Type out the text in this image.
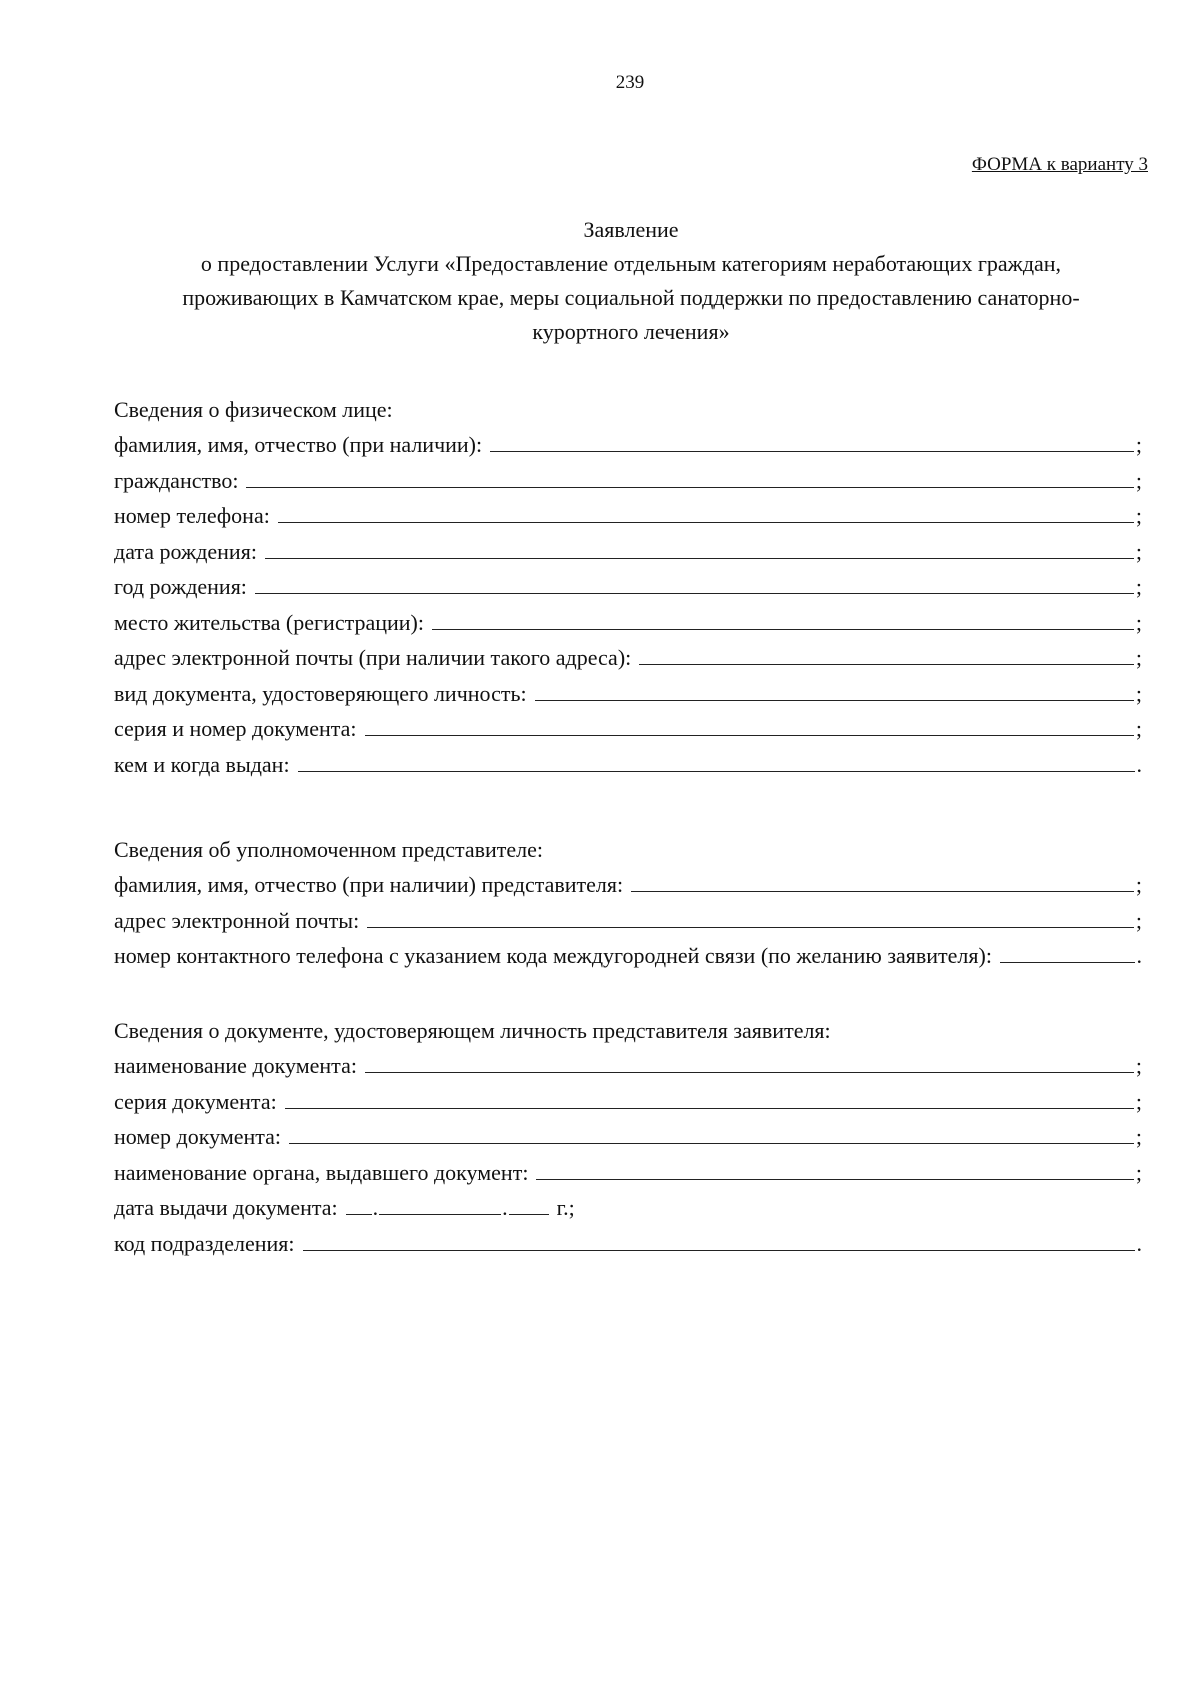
239
ФОРМА к варианту 3
Заявление
о предоставлении Услуги «Предоставление отдельным категориям неработающих граждан,
проживающих в Камчатском крае, меры социальной поддержки по предоставлению санаторно-
курортного лечения»
Сведения о физическом лице:
фамилия, имя, отчество (при наличии):	;
гражданство:	;
номер телефона:	;
дата рождения:	;
год рождения:	;
место жительства (регистрации):	;
адрес электронной почты (при наличии такого адреса):	;
вид документа, удостоверяющего личность:	;
серия и номер документа:	;
кем и когда выдан:	.
Сведения об уполномоченном представителе:
фамилия, имя, отчество (при наличии) представителя:	;
адрес электронной почты:	;
номер контактного телефона с указанием кода междугородней связи (по желанию заявителя):	.
Сведения о документе, удостоверяющем личность представителя заявителя:
наименование документа:	;
серия документа:	;
номер документа:	;
наименование органа, выдавшего документ:	;
дата выдачи документа:	.	. г.;
код подразделения:	.
